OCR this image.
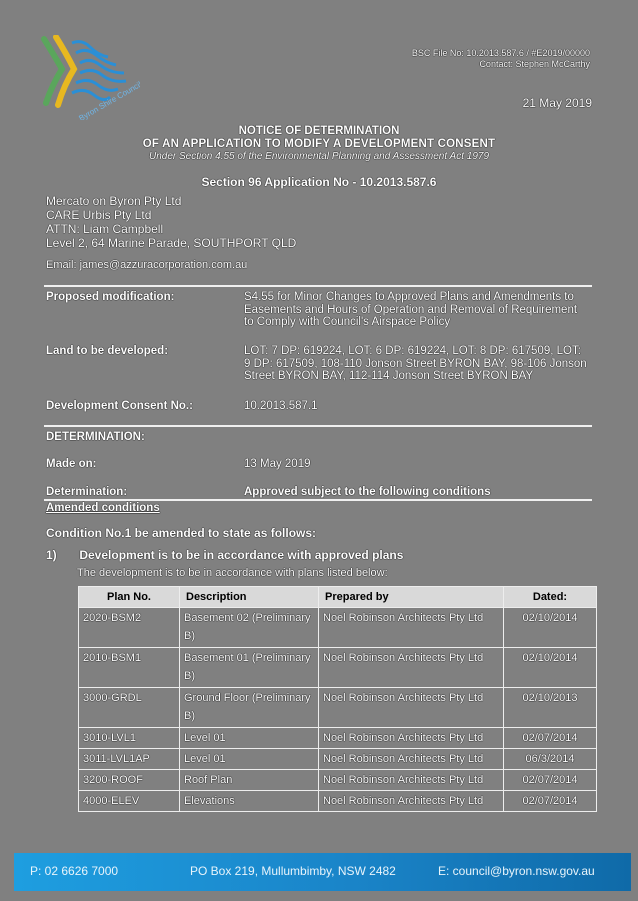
Byron Shire Council
BSC File No: 10.2013.587.6 / #E2019/00000
Contact: Stephen McCarthy
21 May 2019
NOTICE OF DETERMINATION
OF AN APPLICATION TO MODIFY A DEVELOPMENT CONSENT
Under Section 4.55 of the Environmental Planning and Assessment Act 1979
Section 96 Application No - 10.2013.587.6
Mercato on Byron Pty Ltd
CARE Urbis Pty Ltd
ATTN: Liam Campbell
Level 2, 64 Marine Parade, SOUTHPORT QLD
Email: james@azzuracorporation.com.au
Proposed modification:	S4.55 for Minor Changes to Approved Plans and Amendments to Easements and Hours of Operation and Removal of Requirement to Comply with Council's Airspace Policy
Land to be developed:	LOT: 7 DP: 619224, LOT: 6 DP: 619224, LOT: 8 DP: 617509, LOT: 9 DP: 617509, 108-110 Jonson Street BYRON BAY, 98-106 Jonson Street BYRON BAY, 112-114 Jonson Street BYRON BAY
Development Consent No.:	10.2013.587.1
DETERMINATION:
Made on:	13 May 2019
Determination:	Approved subject to the following conditions
Amended conditions
Condition No.1 be amended to state as follows:
1) Development is to be in accordance with approved plans
The development is to be in accordance with plans listed below:
Plan No.	Description	Prepared by	Dated:
2020-BSM2	Basement 02 (Preliminary B)	Noel Robinson Architects Pty Ltd	02/10/2014
2010-BSM1	Basement 01 (Preliminary B)	Noel Robinson Architects Pty Ltd	02/10/2014
3000-GRDL	Ground Floor (Preliminary B)	Noel Robinson Architects Pty Ltd	02/10/2013
3010-LVL1	Level 01	Noel Robinson Architects Pty Ltd	02/07/2014
3011-LVL1AP	Level 01	Noel Robinson Architects Pty Ltd	06/3/2014
3200-ROOF	Roof Plan	Noel Robinson Architects Pty Ltd	02/07/2014
4000-ELEV	Elevations	Noel Robinson Architects Pty Ltd	02/07/2014
P: 02 6626 7000	PO Box 219, Mullumbimby, NSW 2482	E: council@byron.nsw.gov.au
